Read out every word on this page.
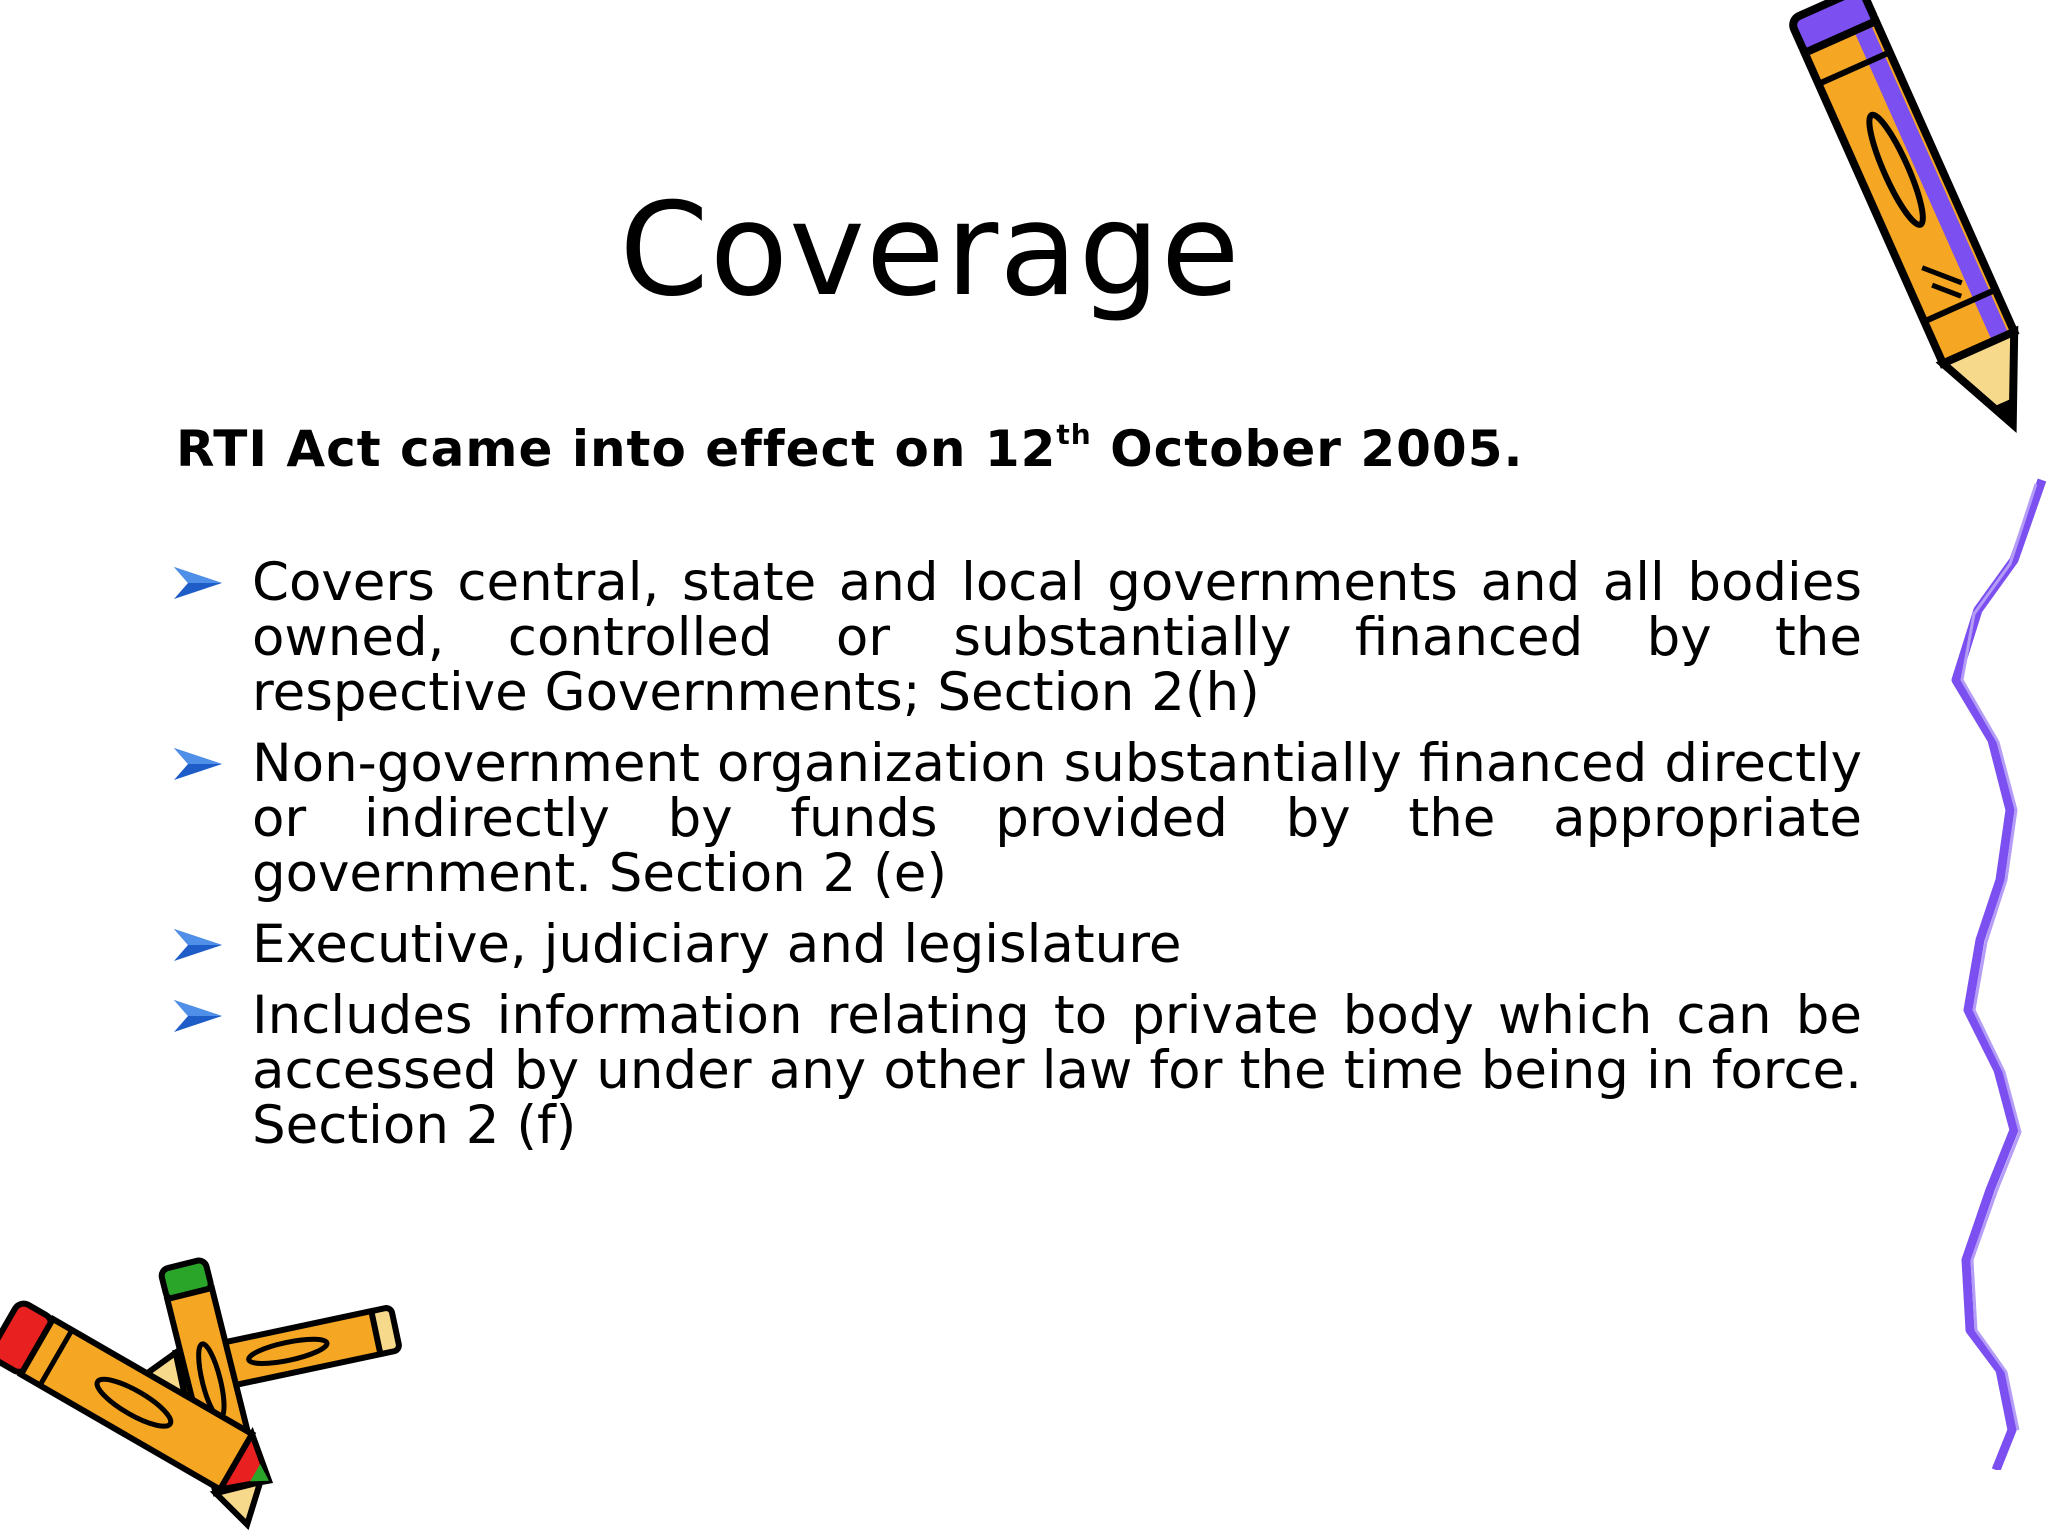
Coverage
RTI Act came into effect on 12th October 2005.
Covers central, state and local governments and all bodies owned, controlled or substantially financed by the respective Governments; Section 2(h)
Non-government organization substantially financed directly or indirectly by funds provided by the appropriate government. Section 2 (e)
Executive, judiciary and legislature
Includes information relating to private body which can be accessed by under any other law for the time being in force. Section 2 (f)
